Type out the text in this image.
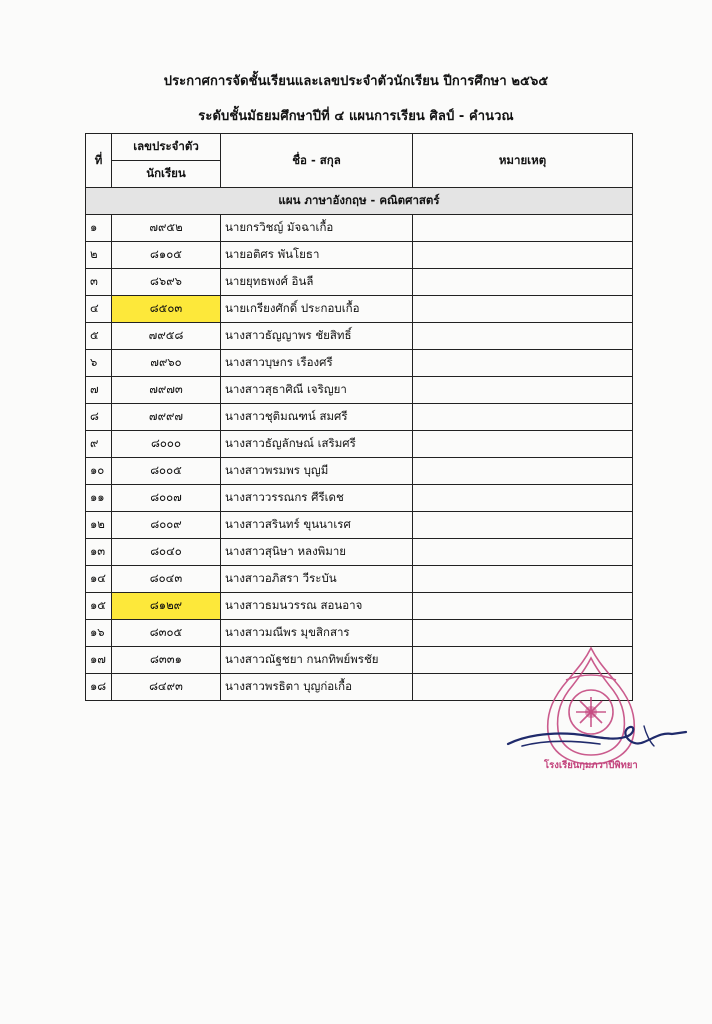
ประกาศการจัดชั้นเรียนและเลขประจำตัวนักเรียน ปีการศึกษา ๒๕๖๕
ระดับชั้นมัธยมศึกษาปีที่ ๔ แผนการเรียน ศิลป์ - คำนวณ
ที่	เลขประจำตัว	ชื่อ - สกุล	หมายเหตุ
	นักเรียน		
แผน ภาษาอังกฤษ - คณิตศาสตร์			
๑	๗๙๕๒	นายกรวิชญ์ มัจฉาเกื้อ	
๒	๘๑๐๕	นายอติศร พันโยธา	
๓	๘๖๙๖	นายยุทธพงศ์ อินลี	
๔	๘๕๐๓	นายเกรียงศักดิ์ ประกอบเกื้อ	
๕	๗๙๕๘	นางสาวธัญญาพร ชัยสิทธิ์	
๖	๗๙๖๐	นางสาวบุษกร เรืองศรี	
๗	๗๙๗๓	นางสาวสุธาศิณี เจริญยา	
๘	๗๙๙๗	นางสาวชุติมณฑน์ สมศรี	
๙	๘๐๐๐	นางสาวธัญลักษณ์ เสริมศรี	
๑๐	๘๐๐๕	นางสาวพรมพร บุญมี	
๑๑	๘๐๐๗	นางสาววรรณกร ศีรีเดช	
๑๒	๘๐๐๙	นางสาวสรินทร์ ขุนนาเรศ	
๑๓	๘๐๔๐	นางสาวสุนิษา หลงพิมาย	
๑๔	๘๐๔๓	นางสาวอภิสรา วีระบัน	
๑๕	๘๑๒๙	นางสาวธมนวรรณ สอนอาจ	
๑๖	๘๓๐๕	นางสาวมณีพร มุขสิกสาร	
๑๗	๘๓๓๑	นางสาวณัฐชยา กนกทิพย์พรชัย	
๑๘	๘๔๙๓	นางสาวพรธิตา บุญก่อเกื้อ	
โรงเรียนกุมภวาปีพิทยา
